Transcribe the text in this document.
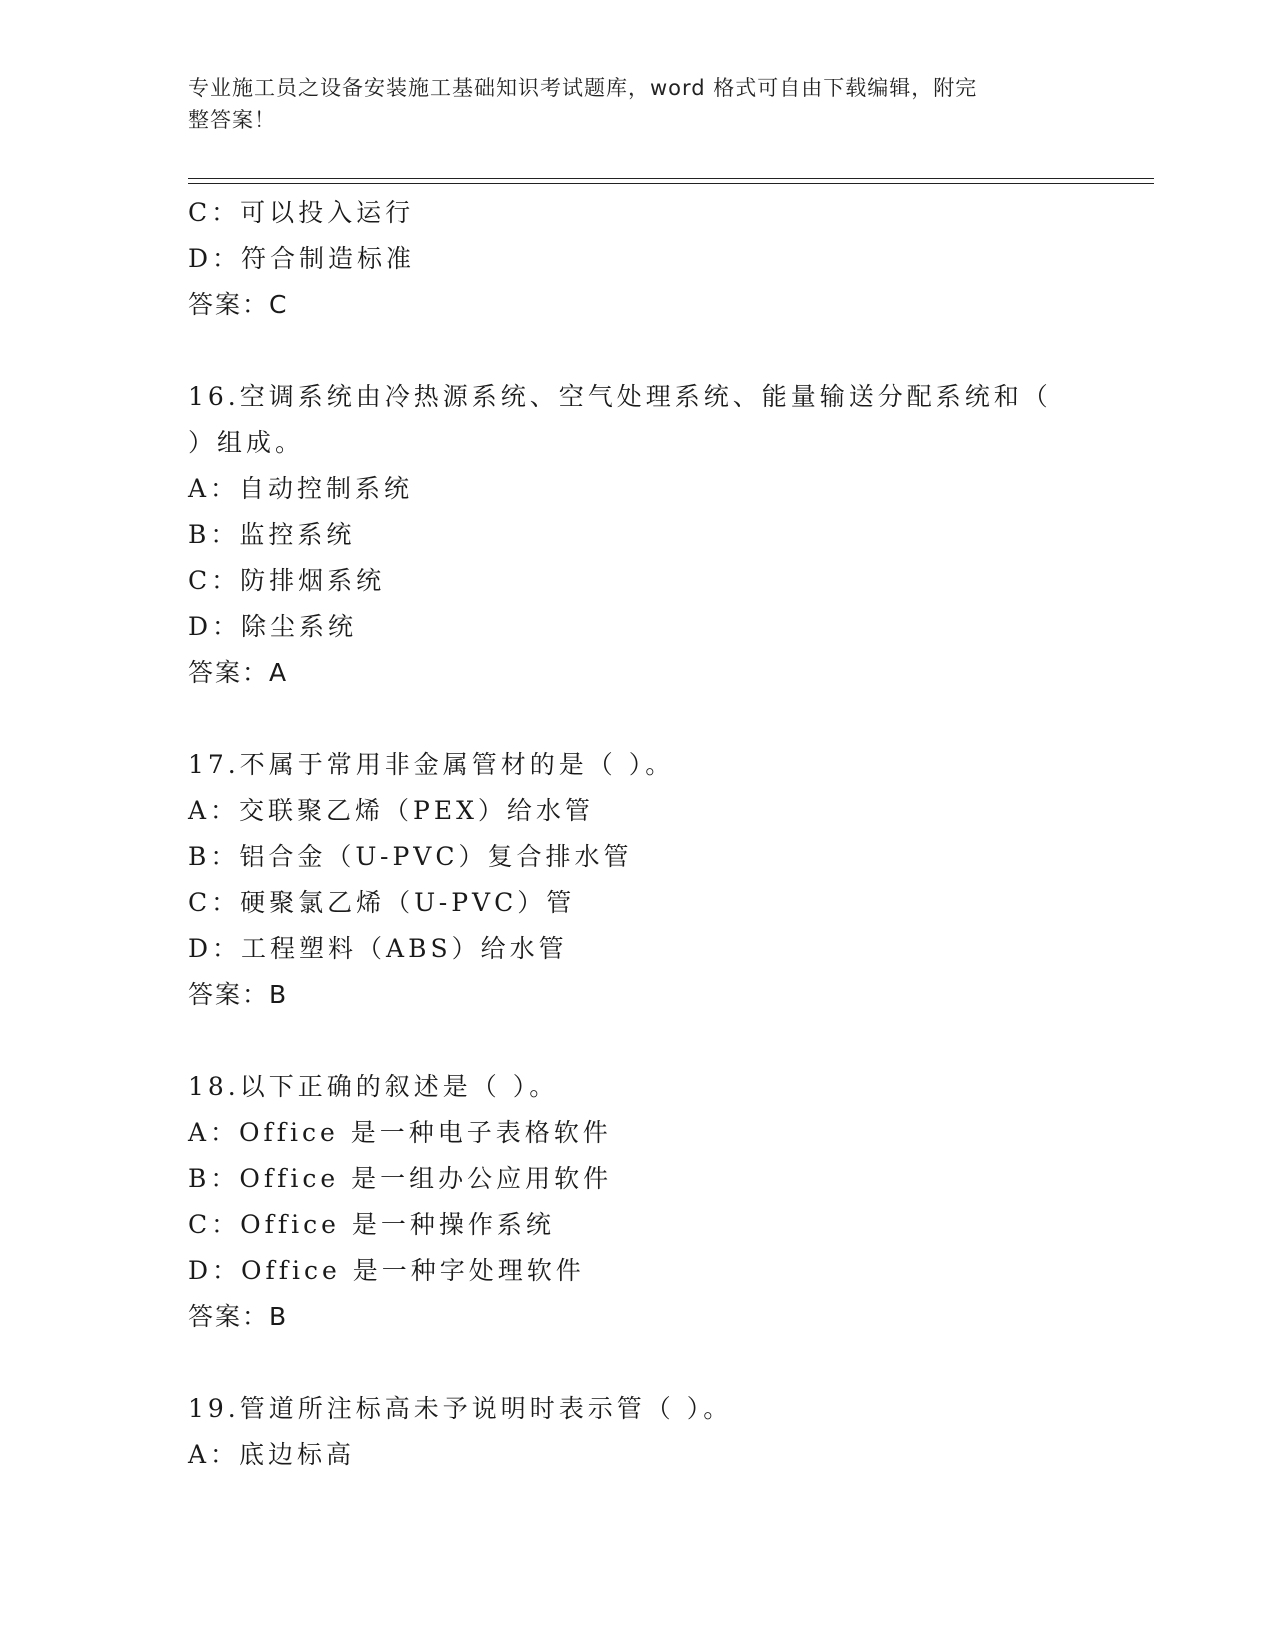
专业施工员之设备安装施工基础知识考试题库，word 格式可自由下载编辑，附完
整答案！
C：可以投入运行
D：符合制造标准
答案：C
16.空调系统由冷热源系统、空气处理系统、能量输送分配系统和（
）组成。
A：自动控制系统
B：监控系统
C：防排烟系统
D：除尘系统
答案：A
17.不属于常用非金属管材的是（ ）。
A：交联聚乙烯（PEX）给水管
B：铝合金（U-PVC）复合排水管
C：硬聚氯乙烯（U-PVC）管
D：工程塑料（ABS）给水管
答案：B
18.以下正确的叙述是（ ）。
A：Office 是一种电子表格软件
B：Office 是一组办公应用软件
C：Office 是一种操作系统
D：Office 是一种字处理软件
答案：B
19.管道所注标高未予说明时表示管（ ）。
A：底边标高
